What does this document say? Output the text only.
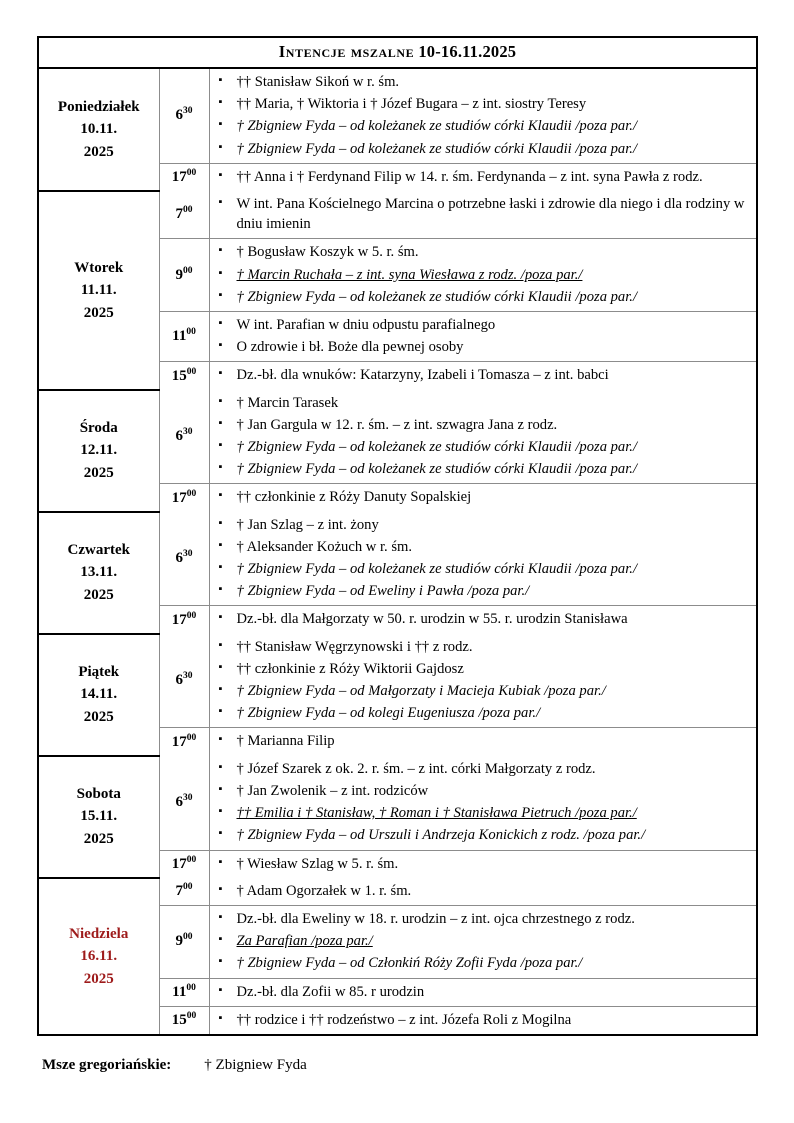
Intencje mszalne 10-16.11.2025		

Poniedziałek
10.11.
2025
	$6^{30}$	
▪ †† Stanisław Sikoń w r. śm.
▪ †† Maria, † Wiktoria i † Józef Bugara – z int. siostry Teresy
▪ † Zbigniew Fyda – od koleżanek ze studiów córki Klaudii /poza par./
▪ † Zbigniew Fyda – od koleżanek ze studiów córki Klaudii /poza par./

$17^{00}$	
▪†† Anna i † Ferdynand Filip w 14. r. śm. Ferdynanda – z int. syna Pawła z rodz.

Wtorek
11.11.
2025
	$7^{00}$	
▪W int. Pana Kościelnego Marcina o potrzebne łaski i zdrowie dla niego i dla rodziny w dniu imienin

$9^{00}$	
▪ † Bogusław Koszyk w 5. r. śm.
▪ † Marcin Ruchała – z int. syna Wiesława z rodz. /poza par./
▪ † Zbigniew Fyda – od koleżanek ze studiów córki Klaudii /poza par./

$11^{00}$	
▪W int. Parafian w dniu odpustu parafialnego
▪ O zdrowie i bł. Boże dla pewnej osoby

$15^{00}$	
▪Dz.-bł. dla wnuków: Katarzyny, Izabeli i Tomasza – z int. babci

Środa
12.11.
2025
	$6^{30}$	
▪ † Marcin Tarasek
▪ † Jan Gargula w 12. r. śm. – z int. szwagra Jana z rodz.
▪ † Zbigniew Fyda – od koleżanek ze studiów córki Klaudii /poza par./
▪ † Zbigniew Fyda – od koleżanek ze studiów córki Klaudii /poza par./

$17^{00}$	
▪†† członkinie z Róży Danuty Sopalskiej

Czwartek
13.11.
2025
	$6^{30}$	
▪ † Jan Szlag – z int. żony
▪ † Aleksander Kożuch w r. śm.
▪ † Zbigniew Fyda – od koleżanek ze studiów córki Klaudii /poza par./
▪ † Zbigniew Fyda – od Eweliny i Pawła /poza par./

$17^{00}$	
▪Dz.-bł. dla Małgorzaty w 50. r. urodzin w 55. r. urodzin Stanisława

Piątek
14.11.
2025
	$6^{30}$	
▪ †† Stanisław Węgrzynowski i †† z rodz.
▪ †† członkinie z Róży Wiktorii Gajdosz
▪ † Zbigniew Fyda – od Małgorzaty i Macieja Kubiak /poza par./
▪ † Zbigniew Fyda – od kolegi Eugeniusza /poza par./

$17^{00}$	
▪† Marianna Filip

Sobota
15.11.
2025
	$6^{30}$	
▪ † Józef Szarek z ok. 2. r. śm. – z int. córki Małgorzaty z rodz.
▪ † Jan Zwolenik – z int. rodziców
▪ †† Emilia i † Stanisław, † Roman i † Stanisława Pietruch /poza par./
▪ † Zbigniew Fyda – od Urszuli i Andrzeja Konickich z rodz. /poza par./

$17^{00}$	
▪† Wiesław Szlag w 5. r. śm.

Niedziela
16.11.
2025
	$7^{00}$	
▪† Adam Ogorzałek w 1. r. śm.

$9^{00}$	
▪ Dz.-bł. dla Eweliny w 18. r. urodzin – z int. ojca chrzestnego z rodz.
▪ Za Parafian /poza par./
▪ † Zbigniew Fyda – od Członkiń Róży Zofii Fyda /poza par./

$11^{00}$	
▪Dz.-bł. dla Zofii w 85. r urodzin

$15^{00}$	
▪†† rodzice i †† rodzeństwo – z int. Józefa Roli z Mogilna
Msze gregoriańskie: † Zbigniew Fyda
